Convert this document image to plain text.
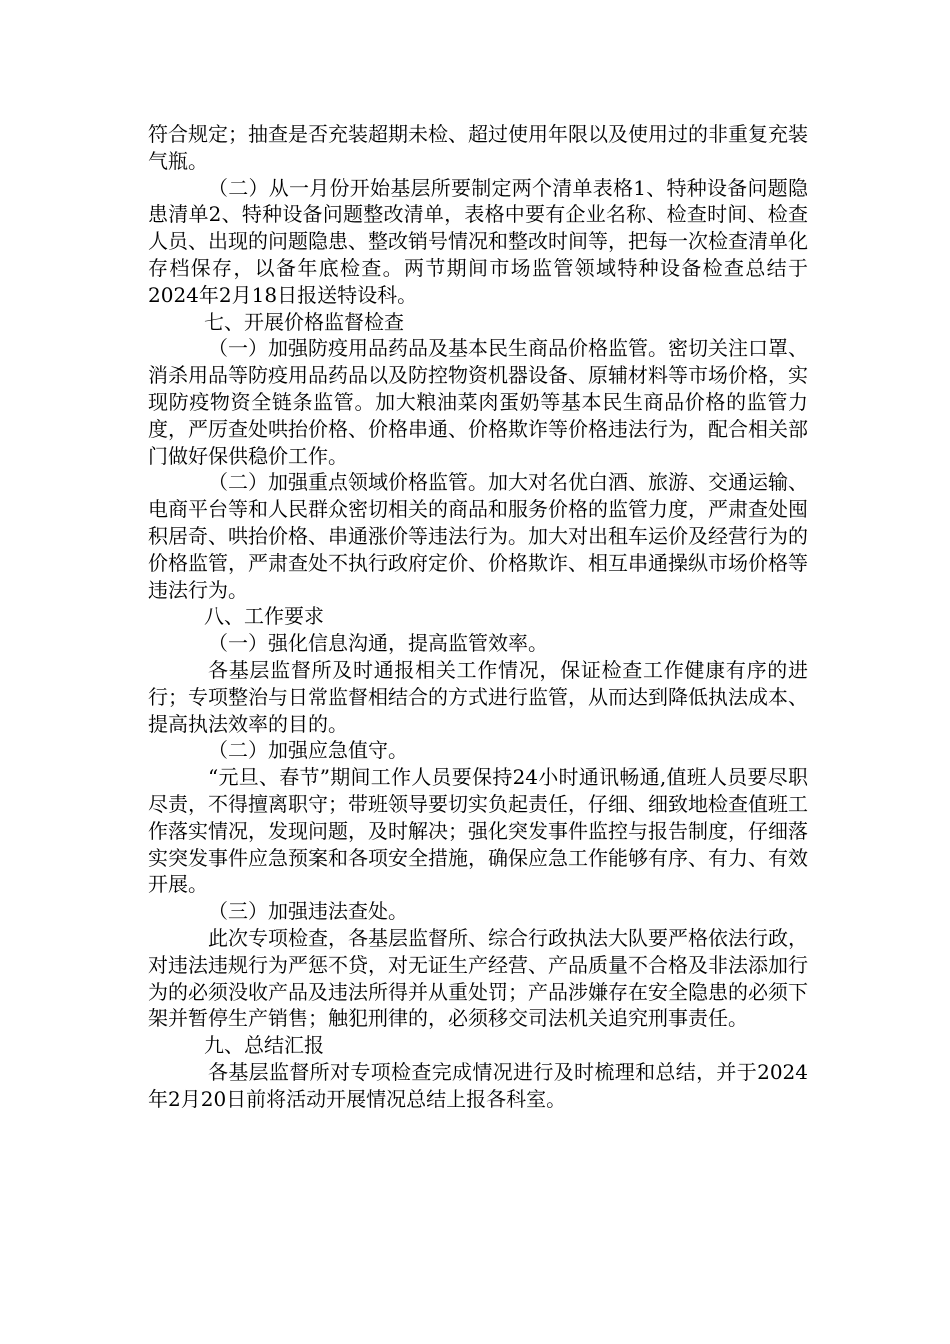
符合规定；抽查是否充装超期未检、超过使用年限以及使用过的非重复充装气瓶。

（二）从一月份开始基层所要制定两个清单表格1、特种设备问题隐患清单2、特种设备问题整改清单，表格中要有企业名称、检查时间、检查人员、出现的问题隐患、整改销号情况和整改时间等，把每一次检查清单化存档保存，以备年底检查。两节期间市场监管领域特种设备检查总结于2024年2月18日报送特设科。

七、开展价格监督检查

（一）加强防疫用品药品及基本民生商品价格监管。密切关注口罩、消杀用品等防疫用品药品以及防控物资机器设备、原辅材料等市场价格，实现防疫物资全链条监管。加大粮油菜肉蛋奶等基本民生商品价格的监管力度，严厉查处哄抬价格、价格串通、价格欺诈等价格违法行为，配合相关部门做好保供稳价工作。

（二）加强重点领域价格监管。加大对名优白酒、旅游、交通运输、电商平台等和人民群众密切相关的商品和服务价格的监管力度，严肃查处囤积居奇、哄抬价格、串通涨价等违法行为。加大对出租车运价及经营行为的价格监管，严肃查处不执行政府定价、价格欺诈、相互串通操纵市场价格等违法行为。

八、工作要求

（一）强化信息沟通，提高监管效率。

各基层监督所及时通报相关工作情况，保证检查工作健康有序的进行；专项整治与日常监督相结合的方式进行监管，从而达到降低执法成本、提高执法效率的目的。

（二）加强应急值守。

“元旦、春节”期间工作人员要保持24小时通讯畅通,值班人员要尽职尽责，不得擅离职守；带班领导要切实负起责任，仔细、细致地检查值班工作落实情况，发现问题，及时解决；强化突发事件监控与报告制度，仔细落实突发事件应急预案和各项安全措施，确保应急工作能够有序、有力、有效开展。

（三）加强违法查处。

此次专项检查，各基层监督所、综合行政执法大队要严格依法行政，对违法违规行为严惩不贷，对无证生产经营、产品质量不合格及非法添加行为的必须没收产品及违法所得并从重处罚；产品涉嫌存在安全隐患的必须下架并暂停生产销售；触犯刑律的，必须移交司法机关追究刑事责任。

九、总结汇报

各基层监督所对专项检查完成情况进行及时梳理和总结，并于2024年2月20日前将活动开展情况总结上报各科室。
